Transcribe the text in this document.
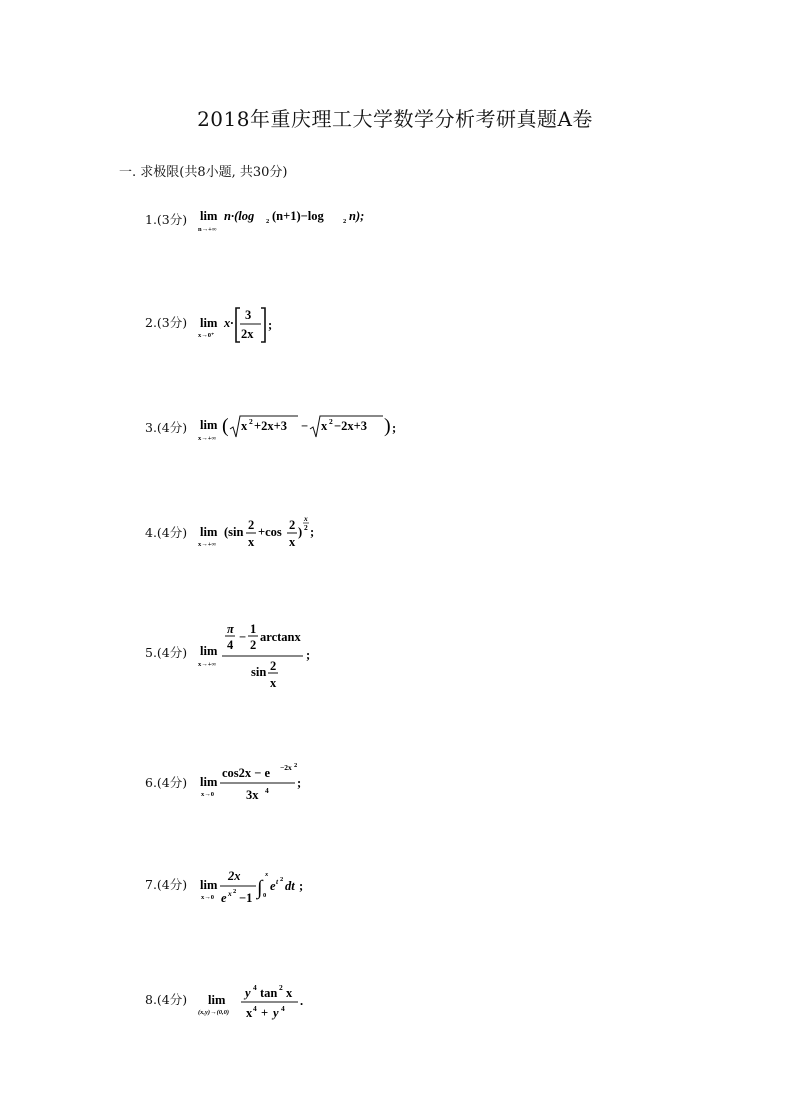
2018年重庆理工大学数学分析考研真题A卷
一. 求极限(共8小题, 共30分)
1.(3分) lim
n→+∞
n·(log 2 (n+1)−log	2 n);
2.(3分) lim
x→0⁺
x·
3
2x
;
3.(4分) lim
x→+∞
( x 2 +2x+3 − x 2 −2x+3 ) ;
4.(4分) lim
x→+∞
(sin 2
x
+cos 2
x
)
x
2 ;
5.(4分) lim
x→+∞
π
4
−
1
2
arctanx
sin 2
x
;
6.(4分) lim
x→0
cos2x − e −2x 2
3x 4
;
7.(4分) lim
x→0
2x
e x 2 −1 ∫
x
0
e t 2 dt ;
8.(4分) lim
(x,y)→(0,0)
y 4 tan 2 x
x 4 + y 4
.
